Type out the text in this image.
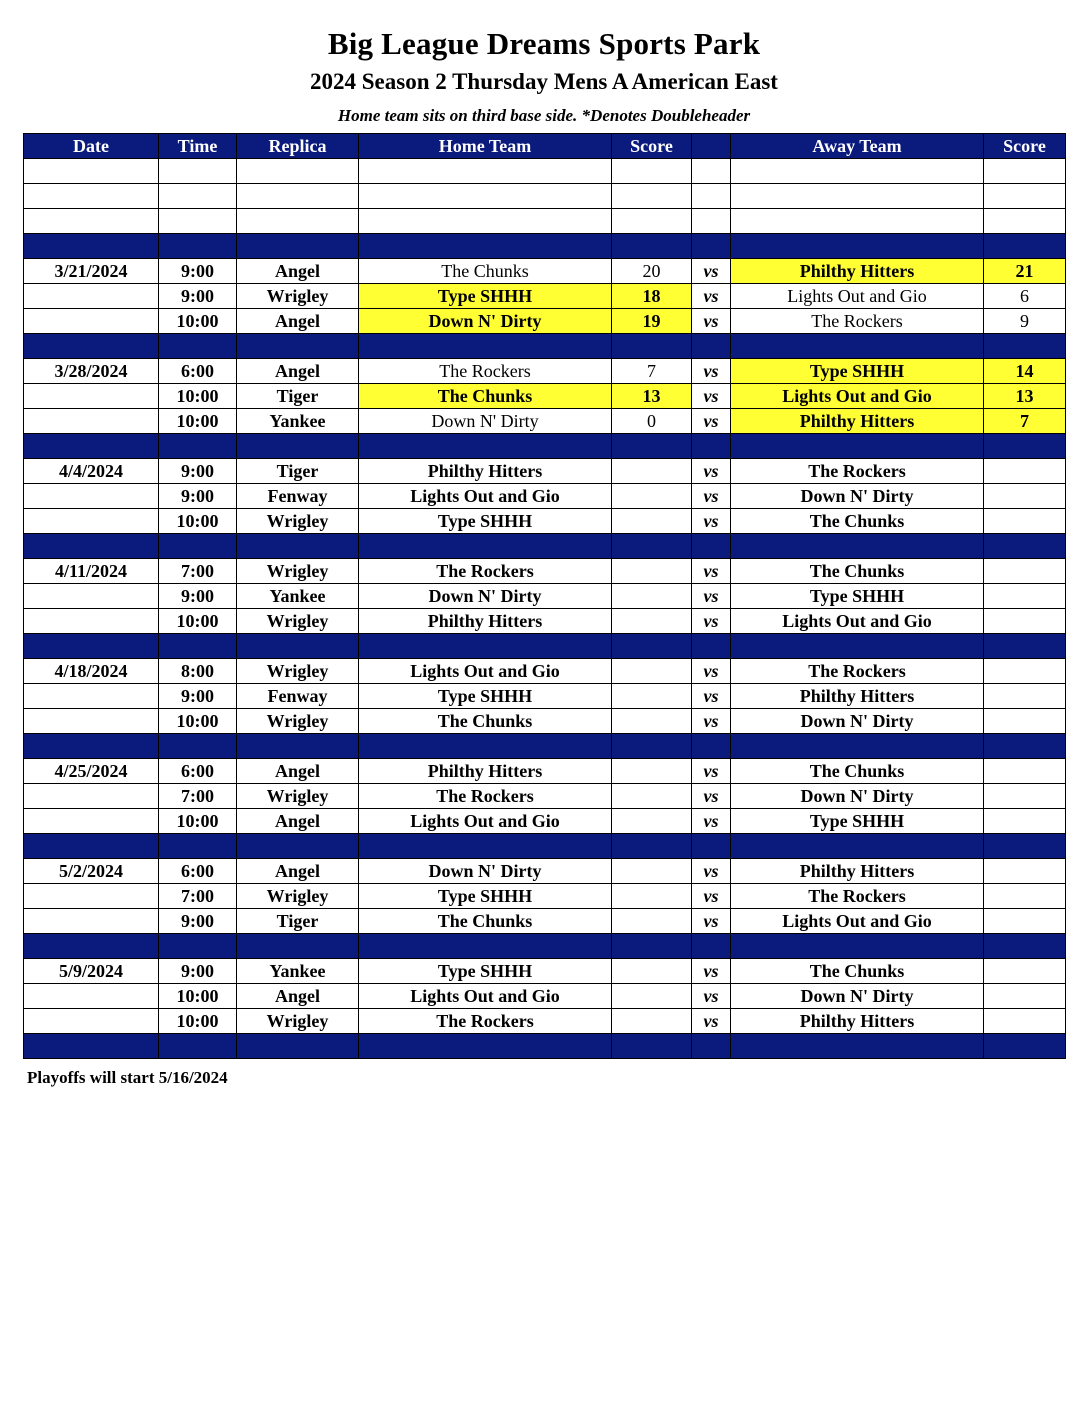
Big League Dreams Sports Park
2024 Season 2 Thursday Mens A American East
Home team sits on third base side. *Denotes Doubleheader
Date	Time	Replica	Home Team	Score		Away Team	Score

3/21/2024	9:00	Angel	The Chunks	20	vs	Philthy Hitters	21
	9:00	Wrigley	Type SHHH	18	vs	Lights Out and Gio	6
	10:00	Angel	Down N' Dirty	19	vs	The Rockers	9

3/28/2024	6:00	Angel	The Rockers	7	vs	Type SHHH	14
	10:00	Tiger	The Chunks	13	vs	Lights Out and Gio	13
	10:00	Yankee	Down N' Dirty	0	vs	Philthy Hitters	7

4/4/2024	9:00	Tiger	Philthy Hitters		vs	The Rockers	
	9:00	Fenway	Lights Out and Gio		vs	Down N' Dirty	
	10:00	Wrigley	Type SHHH		vs	The Chunks	

4/11/2024	7:00	Wrigley	The Rockers		vs	The Chunks	
	9:00	Yankee	Down N' Dirty		vs	Type SHHH	
	10:00	Wrigley	Philthy Hitters		vs	Lights Out and Gio	

4/18/2024	8:00	Wrigley	Lights Out and Gio		vs	The Rockers	
	9:00	Fenway	Type SHHH		vs	Philthy Hitters	
	10:00	Wrigley	The Chunks		vs	Down N' Dirty	

4/25/2024	6:00	Angel	Philthy Hitters		vs	The Chunks	
	7:00	Wrigley	The Rockers		vs	Down N' Dirty	
	10:00	Angel	Lights Out and Gio		vs	Type SHHH	

5/2/2024	6:00	Angel	Down N' Dirty		vs	Philthy Hitters	
	7:00	Wrigley	Type SHHH		vs	The Rockers	
	9:00	Tiger	The Chunks		vs	Lights Out and Gio	

5/9/2024	9:00	Yankee	Type SHHH		vs	The Chunks	
	10:00	Angel	Lights Out and Gio		vs	Down N' Dirty	
	10:00	Wrigley	The Rockers		vs	Philthy Hitters	

Playoffs will start 5/16/2024
